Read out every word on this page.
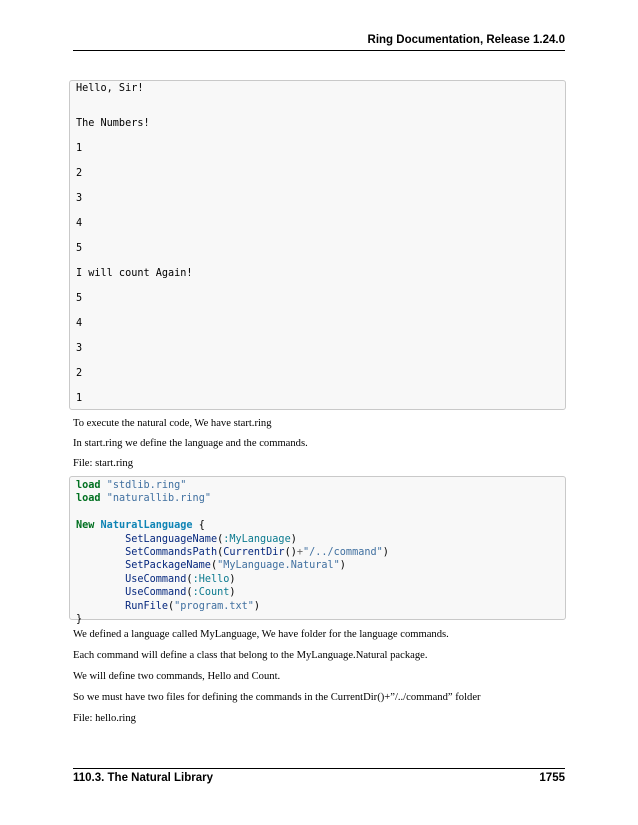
Ring Documentation, Release 1.24.0
Hello, Sir!
The Numbers!
1
2
3
4
5
I will count Again!
5
4
3
2
1
To execute the natural code, We have start.ring
In start.ring we define the language and the commands.
File: start.ring
load "stdlib.ring"
load "naturallib.ring"

New NaturalLanguage {
SetLanguageName(:MyLanguage)
SetCommandsPath(CurrentDir()+"/../command")
SetPackageName("MyLanguage.Natural")
UseCommand(:Hello)
UseCommand(:Count)
RunFile("program.txt")
}
We defined a language called MyLanguage, We have folder for the language commands.
Each command will define a class that belong to the MyLanguage.Natural package.
We will define two commands, Hello and Count.
So we must have two files for defining the commands in the CurrentDir()+”/../command” folder
File: hello.ring
110.3. The Natural Library	1755
